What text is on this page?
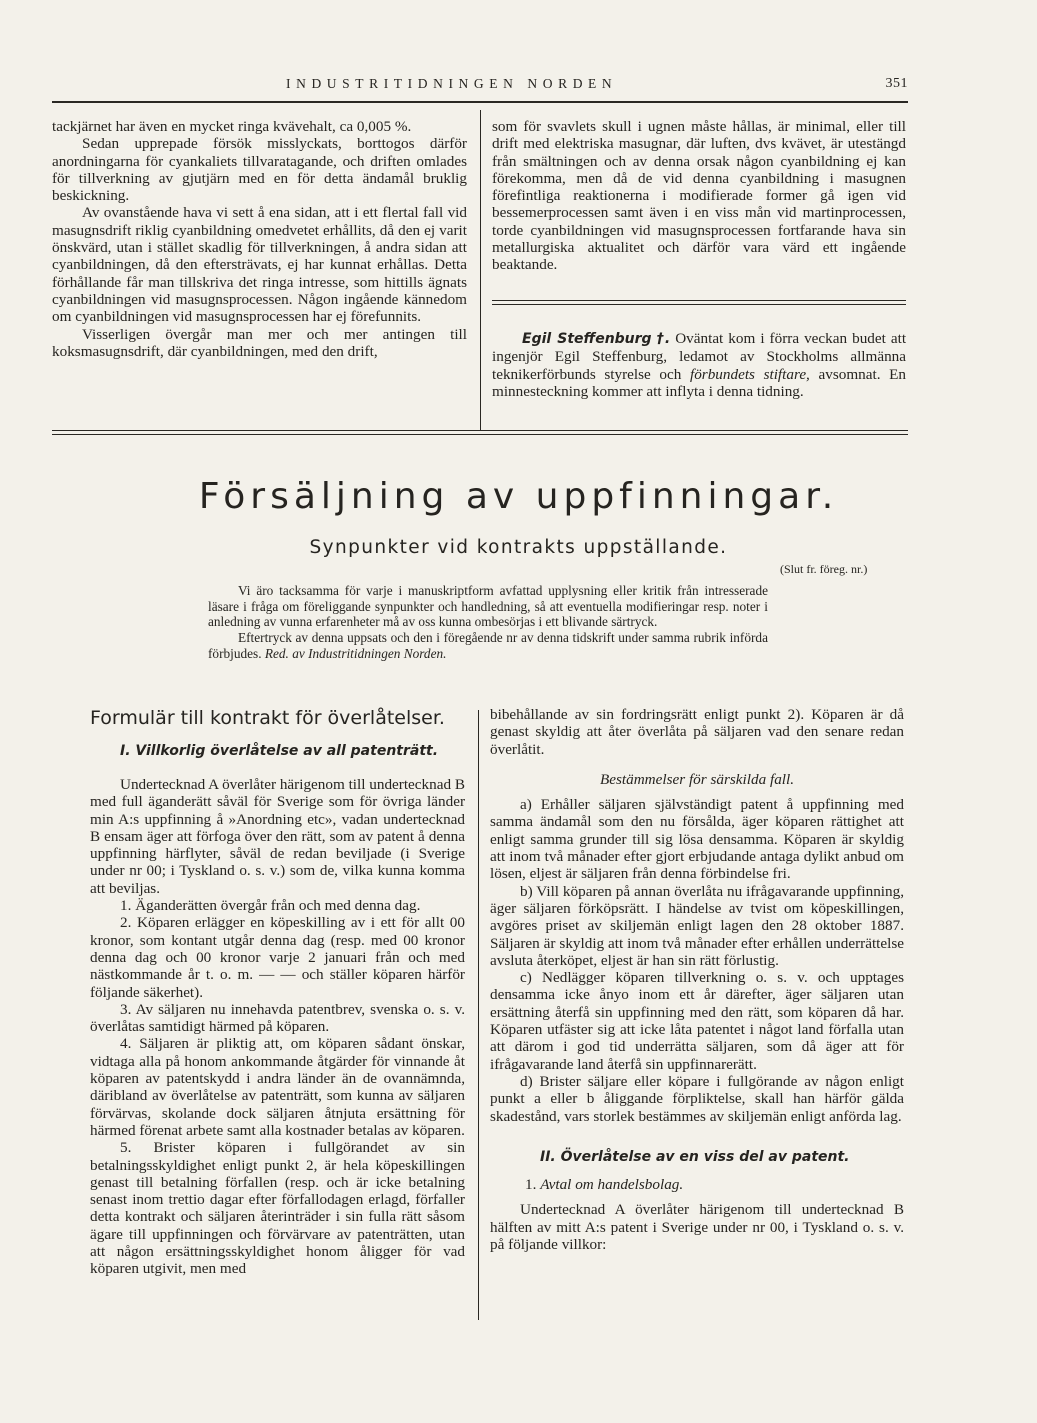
INDUSTRITIDNINGEN NORDEN	351

tackjärnet har även en mycket ringa kvävehalt, ca 0,005 %.

Sedan upprepade försök misslyckats, borttogos därför anordningarna för cyankaliets tillvaratagande, och driften omlades för tillverkning av gjutjärn med en för detta ändamål bruklig beskickning.

Av ovanstående hava vi sett å ena sidan, att i ett flertal fall vid masugnsdrift riklig cyanbildning omedvetet erhållits, då den ej varit önskvärd, utan i stället skadlig för tillverkningen, å andra sidan att cyanbildningen, då den eftersträvats, ej har kunnat erhållas. Detta förhållande får man tillskriva det ringa intresse, som hittills ägnats cyanbildningen vid masugnsprocessen. Någon ingående kännedom om cyanbildningen vid masugnsprocessen har ej förefunnits.

Visserligen övergår man mer och mer antingen till koksmasugnsdrift, där cyanbildningen, med den drift,

som för svavlets skull i ugnen måste hållas, är minimal, eller till drift med elektriska masugnar, där luften, dvs kvävet, är utestängd från smältningen och av denna orsak någon cyanbildning ej kan förekomma, men då de vid denna cyanbildning i masugnen förefintliga reaktionerna i modifierade former gå igen vid bessemerprocessen samt även i en viss mån vid martinprocessen, torde cyanbildningen vid masugnsprocessen fortfarande hava sin metallurgiska aktualitet och därför vara värd ett ingående beaktande.

Egil Steffenburg †. Oväntat kom i förra veckan budet att ingenjör Egil Steffenburg, ledamot av Stockholms allmänna teknikerförbunds styrelse och förbundets stiftare, avsomnat. En minnesteckning kommer att inflyta i denna tidning.

Försäljning av uppfinningar.
Synpunkter vid kontrakts uppställande.
(Slut fr. föreg. nr.)

Vi äro tacksamma för varje i manuskriptform avfattad upplysning eller kritik från intresserade läsare i fråga om föreliggande synpunkter och handledning, så att eventuella modifieringar resp. noter i anledning av vunna erfarenheter må av oss kunna ombesörjas i ett blivande särtryck.

Eftertryck av denna uppsats och den i föregående nr av denna tidskrift under samma rubrik införda förbjudes. Red. av Industritidningen Norden.

Formulär till kontrakt för överlåtelser.
I. Villkorlig överlåtelse av all patenträtt.

Undertecknad A överlåter härigenom till undertecknad B med full äganderätt såväl för Sverige som för övriga länder min A:s uppfinning å »Anordning etc», vadan undertecknad B ensam äger att förfoga över den rätt, som av patent å denna uppfinning härflyter, såväl de redan beviljade (i Sverige under nr 00; i Tyskland o. s. v.) som de, vilka kunna komma att beviljas.

1. Äganderätten övergår från och med denna dag.

2. Köparen erlägger en köpeskilling av i ett för allt 00 kronor, som kontant utgår denna dag (resp. med 00 kronor denna dag och 00 kronor varje 2 januari från och med nästkommande år t. o. m. — — och ställer köparen härför följande säkerhet).

3. Av säljaren nu innehavda patentbrev, svenska o. s. v. överlåtas samtidigt härmed på köparen.

4. Säljaren är pliktig att, om köparen sådant önskar, vidtaga alla på honom ankommande åtgärder för vinnande åt köparen av patentskydd i andra länder än de ovannämnda, däribland av överlåtelse av patenträtt, som kunna av säljaren förvärvas, skolande dock säljaren åtnjuta ersättning för härmed förenat arbete samt alla kostnader betalas av köparen.

5. Brister köparen i fullgörandet av sin betalningsskyldighet enligt punkt 2, är hela köpeskillingen genast till betalning förfallen (resp. och är icke betalning senast inom trettio dagar efter förfallodagen erlagd, förfaller detta kontrakt och säljaren återinträder i sin fulla rätt såsom ägare till uppfinningen och förvärvare av patenträtten, utan att någon ersättningsskyldighet honom åligger för vad köparen utgivit, men med

bibehållande av sin fordringsrätt enligt punkt 2). Köparen är då genast skyldig att åter överlåta på säljaren vad den senare redan överlåtit.

Bestämmelser för särskilda fall.

a) Erhåller säljaren självständigt patent å uppfinning med samma ändamål som den nu försålda, äger köparen rättighet att enligt samma grunder till sig lösa densamma. Köparen är skyldig att inom två månader efter gjort erbjudande antaga dylikt anbud om lösen, eljest är säljaren från denna förbindelse fri.

b) Vill köparen på annan överlåta nu ifrågavarande uppfinning, äger säljaren förköpsrätt. I händelse av tvist om köpeskillingen, avgöres priset av skiljemän enligt lagen den 28 oktober 1887. Säljaren är skyldig att inom två månader efter erhållen underrättelse avsluta återköpet, eljest är han sin rätt förlustig.

c) Nedlägger köparen tillverkning o. s. v. och upptages densamma icke ånyo inom ett år därefter, äger säljaren utan ersättning återfå sin uppfinning med den rätt, som köparen då har. Köparen utfäster sig att icke låta patentet i något land förfalla utan att därom i god tid underrätta säljaren, som då äger att för ifrågavarande land återfå sin uppfinnarerätt.

d) Brister säljare eller köpare i fullgörande av någon enligt punkt a eller b åliggande förpliktelse, skall han härför gälda skadestånd, vars storlek bestämmes av skiljemän enligt anförda lag.

II. Överlåtelse av en viss del av patent.

1. Avtal om handelsbolag.

Undertecknad A överlåter härigenom till undertecknad B hälften av mitt A:s patent i Sverige under nr 00, i Tyskland o. s. v. på följande villkor:
